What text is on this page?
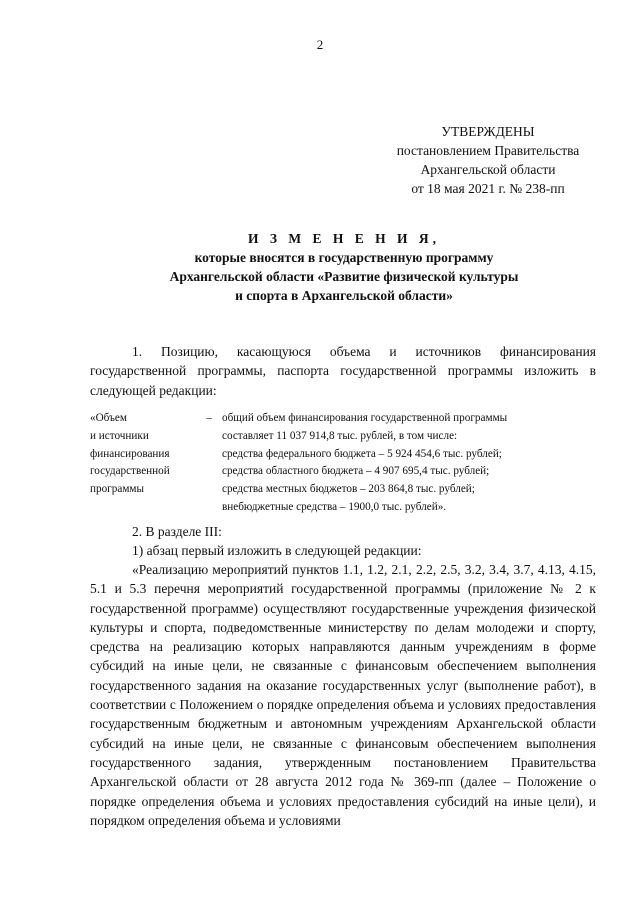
2
УТВЕРЖДЕНЫ
постановлением Правительства
Архангельской области
от 18 мая 2021 г. № 238-пп
И З М Е Н Е Н И Я,
которые вносятся в государственную программу
Архангельской области «Развитие физической культуры
и спорта в Архангельской области»
1. Позицию, касающуюся объема и источников финансирования государственной программы, паспорта государственной программы изложить в следующей редакции:
«Объем
и источники
финансирования
государственной
программы
– общий объем финансирования государственной программы
составляет 11 037 914,8 тыс. рублей, в том числе:
средства федерального бюджета – 5 924 454,6 тыс. рублей;
средства областного бюджета – 4 907 695,4 тыс. рублей;
средства местных бюджетов – 203 864,8 тыс. рублей;
внебюджетные средства – 1900,0 тыс. рублей».
2. В разделе III:
1) абзац первый изложить в следующей редакции:
«Реализацию мероприятий пунктов 1.1, 1.2, 2.1, 2.2, 2.5, 3.2, 3.4, 3.7, 4.13, 4.15, 5.1 и 5.3 перечня мероприятий государственной программы (приложение № 2 к государственной программе) осуществляют государственные учреждения физической культуры и спорта, подведомственные министерству по делам молодежи и спорту, средства на реализацию которых направляются данным учреждениям в форме субсидий на иные цели, не связанные с финансовым обеспечением выполнения государственного задания на оказание государственных услуг (выполнение работ), в соответствии с Положением о порядке определения объема и условиях предоставления государственным бюджетным и автономным учреждениям Архангельской области субсидий на иные цели, не связанные с финансовым обеспечением выполнения государственного задания, утвержденным постановлением Правительства Архангельской области от 28 августа 2012 года № 369-пп (далее – Положение о порядке определения объема и условиях предоставления субсидий на иные цели), и порядком определения объема и условиями
